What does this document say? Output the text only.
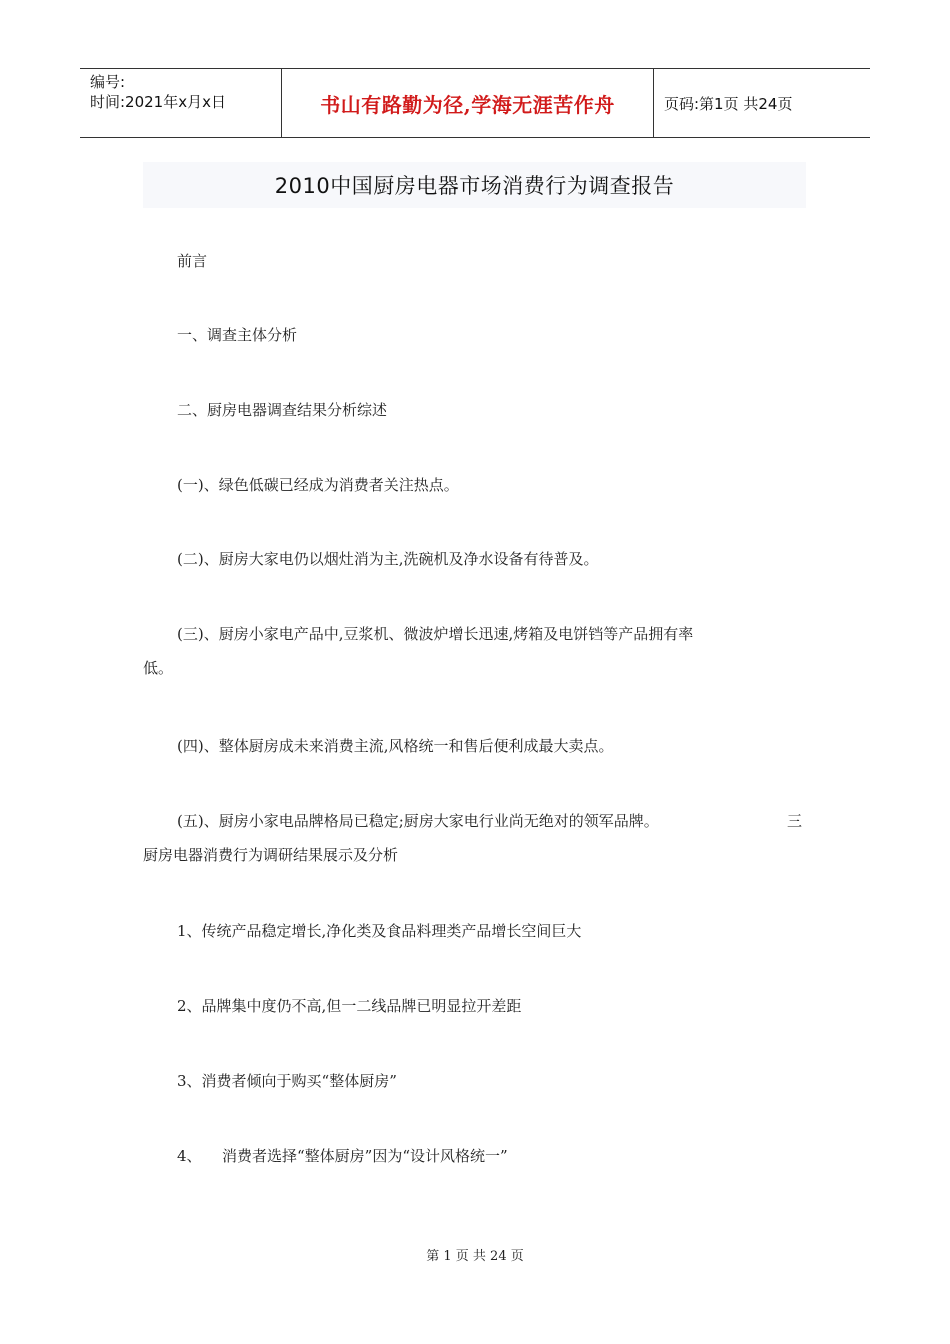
编号:
时间:2021年x月x日	书山有路勤为径,学海无涯苦作舟	页码:第1页 共24页
2010中国厨房电器市场消费行为调查报告
前言
一、调查主体分析
二、厨房电器调查结果分析综述
(一)、绿色低碳已经成为消费者关注热点。
(二)、厨房大家电仍以烟灶消为主,洗碗机及净水设备有待普及。
(三)、厨房小家电产品中,豆浆机、微波炉增长迅速,烤箱及电饼铛等产品拥有率
低。
(四)、整体厨房成未来消费主流,风格统一和售后便利成最大卖点。
(五)、厨房小家电品牌格局已稳定;厨房大家电行业尚无绝对的领军品牌。	三
厨房电器消费行为调研结果展示及分析
1、传统产品稳定增长,净化类及食品料理类产品增长空间巨大
2、品牌集中度仍不高,但一二线品牌已明显拉开差距
3、消费者倾向于购买“整体厨房”
4、 消费者选择“整体厨房”因为“设计风格统一”
第 1 页 共 24 页
